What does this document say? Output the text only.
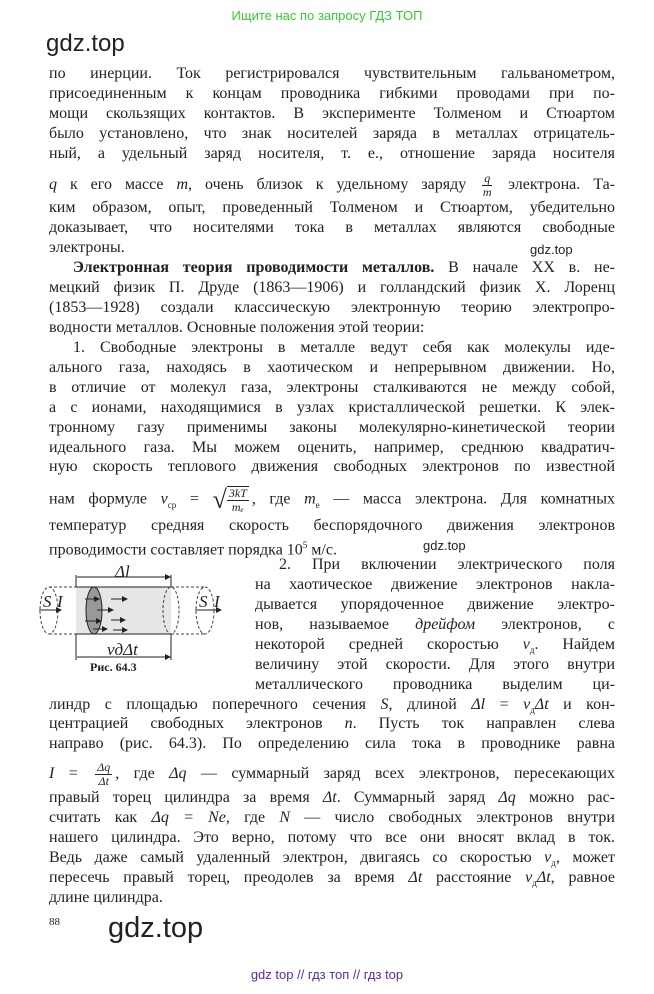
Ищите нас по запросу ГДЗ ТОП
gdz.top
по инерции. Ток регистрировался чувствительным гальванометром,
присоединенным к концам проводника гибкими проводами при по-
мощи скользящих контактов. В эксперименте Толменом и Стюартом
было установлено, что знак носителей заряда в металлах отрицатель-
ный, а удельный заряд носителя, т. е., отношение заряда носителя
q к его массе m, очень близок к удельному заряду $\frac{q}{m}$ электрона. Та-
ким образом, опыт, проведенный Толменом и Стюартом, убедительно
доказывает, что носителями тока в металлах являются свободные
электроны.	gdz.top
Электронная теория проводимости металлов. В начале XX в. не-
мецкий физик П. Друде (1863—1906) и голландский физик Х. Лоренц
(1853—1928) создали классическую электронную теорию электропро-
водности металлов. Основные положения этой теории:
1. Свободные электроны в металле ведут себя как молекулы иде-
ального газа, находясь в хаотическом и непрерывном движении. Но,
в отличие от молекул газа, электроны сталкиваются не между собой,
а с ионами, находящимися в узлах кристаллической решетки. К элек-
тронному газу применимы законы молекулярно-кинетической теории
идеального газа. Мы можем оценить, например, среднюю квадратич-
ную скорость теплового движения свободных электронов по известной
нам формуле $v_{ср}$ = √ $\frac{3kT}{\text{mₑ}}$ , где $m_e$ — масса электрона. Для комнатных
температур средняя скорость беспорядочного движения электронов
проводимости составляет порядка $10^5$ м/с.	gdz.top
Δl
vдΔt
S I	S I
Рис. 64.3
2. При включении электрического поля
на хаотическое движение электронов накла-
дывается упорядоченное движение электро-
нов, называемое дрейфом электронов, с
некоторой средней скоростью $v_д$. Найдем
величину этой скорости. Для этого внутри
металлического проводника выделим ци-
линдр с площадью поперечного сечения S, длиной $\Delta l = v_д\Delta t$ и кон-
центрацией свободных электронов n. Пусть ток направлен слева
направо (рис. 64.3). По определению сила тока в проводнике равна
$I = \frac{\Delta q}{\Delta t}$ , где Δq — суммарный заряд всех электронов, пересекающих
правый торец цилиндра за время Δt. Суммарный заряд Δq можно рас-
считать как Δq = Ne, где N — число свободных электронов внутри
нашего цилиндра. Это верно, потому что все они вносят вклад в ток.
Ведь даже самый удаленный электрон, двигаясь со скоростью $v_д$, может
пересечь правый торец, преодолев за время Δt расстояние $v_д\Delta t$, равное
длине цилиндра.
88 gdz.top
gdz top // гдз топ // гдз top
